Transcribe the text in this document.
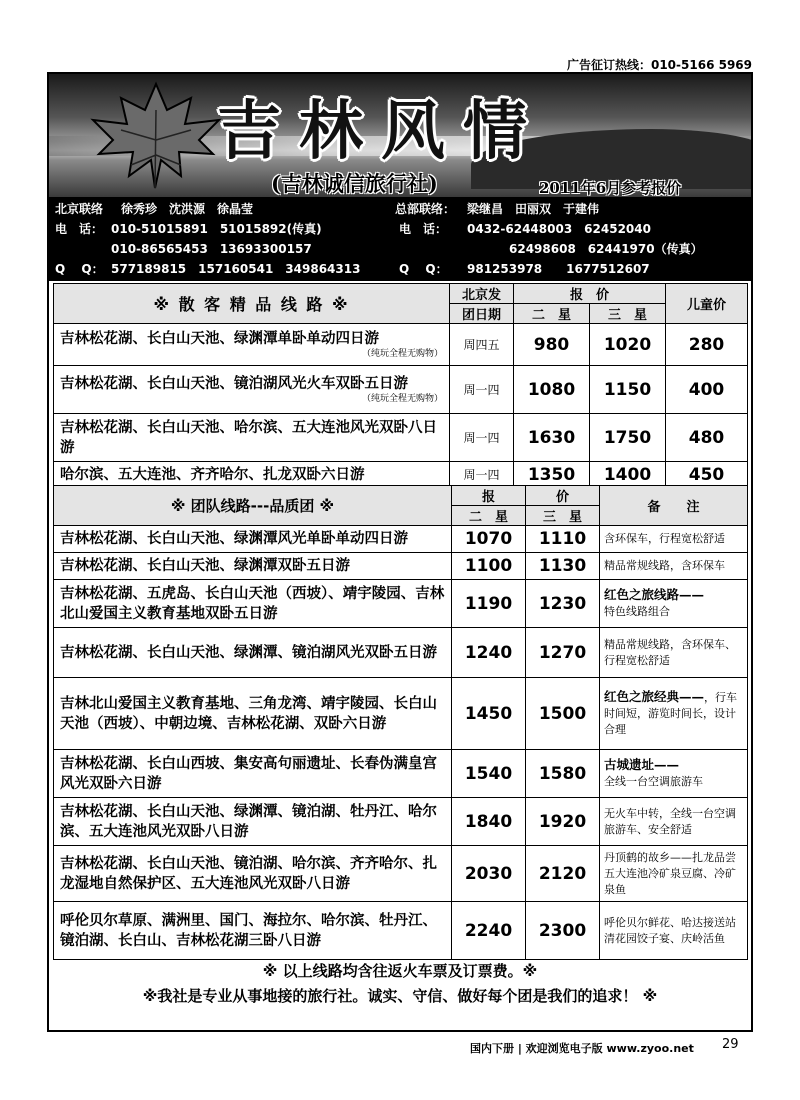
广告征订热线：010-5166 5969
吉林风情
(吉林诚信旅行社)	2011年6月参考报价
北京联络 徐秀珍　沈洪源　徐晶莹	总部联络： 梁继昌　田丽双　于建伟
电　话： 010-51015891　51015892(传真)	电　话： 0432-62448003　62452040
010-86565453　13693300157	62498608　62441970（传真）
Q　 Q： 577189815　157160541　349864313	Q　 Q： 981253978　　1677512607
※ 散 客 精 品 线 路 ※	北京发	报　价		儿童价
	团日期	二　星	三　星	
吉林松花湖、长白山天池、绿渊潭单卧单动四日游
（纯玩全程无购物）	周四五	980	1020	280
吉林松花湖、长白山天池、镜泊湖风光火车双卧五日游
（纯玩全程无购物）	周一四	1080	1150	400
吉林松花湖、长白山天池、哈尔滨、五大连池风光双卧八日游	周一四	1630	1750	480
哈尔滨、五大连池、齐齐哈尔、扎龙双卧六日游	周一四	1350	1400	450
※ 团队线路---品质团 ※	报	价	备　　注
	二　星	三　星	
吉林松花湖、长白山天池、绿渊潭风光单卧单动四日游	1070	1110	含环保车，行程宽松舒适
吉林松花湖、长白山天池、绿渊潭双卧五日游	1100	1130	精品常规线路，含环保车
吉林松花湖、五虎岛、长白山天池（西坡）、靖宇陵园、吉林北山爱国主义教育基地双卧五日游	1190	1230	红色之旅线路——
特色线路组合
吉林松花湖、长白山天池、绿渊潭、镜泊湖风光双卧五日游	1240	1270	精品常规线路，含环保车、行程宽松舒适
吉林北山爱国主义教育基地、三角龙湾、靖宇陵园、长白山天池（西坡）、中朝边境、吉林松花湖、双卧六日游	1450	1500	红色之旅经典——，行车时间短，游览时间长，设计合理
吉林松花湖、长白山西坡、集安高句丽遗址、长春伪满皇宫风光双卧六日游	1540	1580	古城遗址——
全线一台空调旅游车
吉林松花湖、长白山天池、绿渊潭、镜泊湖、牡丹江、哈尔滨、五大连池风光双卧八日游	1840	1920	无火车中转，全线一台空调旅游车、安全舒适
吉林松花湖、长白山天池、镜泊湖、哈尔滨、齐齐哈尔、扎龙湿地自然保护区、五大连池风光双卧八日游	2030	2120	丹顶鹤的故乡——扎龙品尝五大连池冷矿泉豆腐、冷矿泉鱼
呼伦贝尔草原、满洲里、国门、海拉尔、哈尔滨、牡丹江、镜泊湖、长白山、吉林松花湖三卧八日游	2240	2300	呼伦贝尔鲜花、哈达接送站　清花园饺子宴、庆岭活鱼
※ 以上线路均含往返火车票及订票费。※
※我社是专业从事地接的旅行社。诚实、守信、做好每个团是我们的追求！ ※
国内下册 | 欢迎浏览电子版 www.zyoo.net 29
